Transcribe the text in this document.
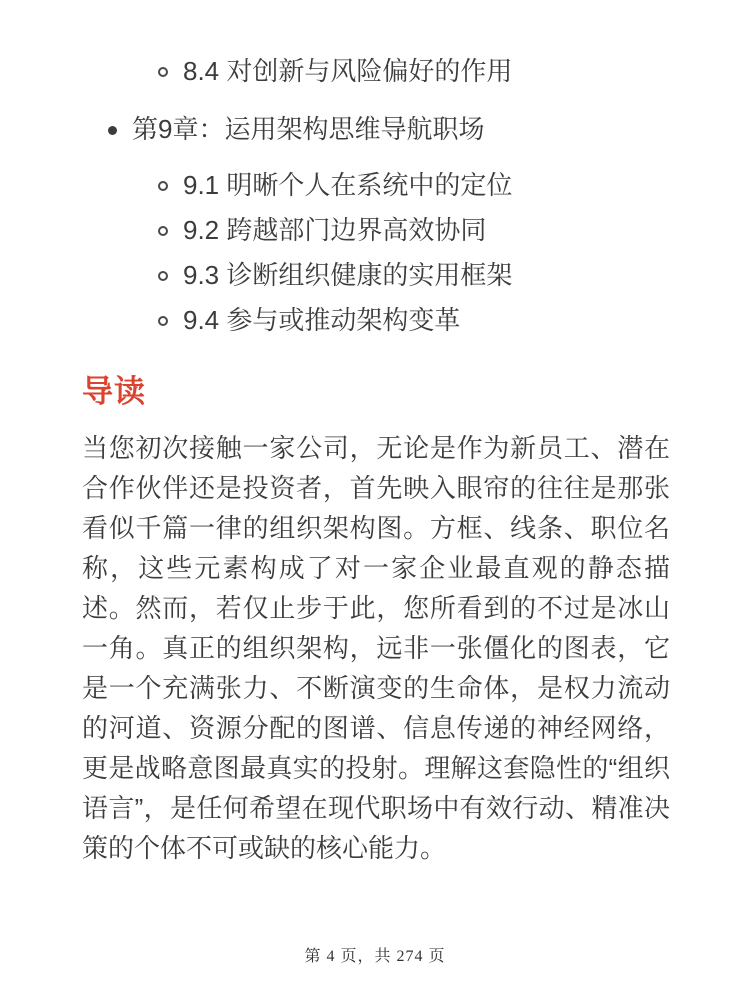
8.4 对创新与风险偏好的作用
第9章：运用架构思维导航职场
9.1 明晰个人在系统中的定位
9.2 跨越部门边界高效协同
9.3 诊断组织健康的实用框架
9.4 参与或推动架构变革
导读

当您初次接触一家公司，无论是作为新员工、潜在合作伙伴还是投资者，首先映入眼帘的往往是那张看似千篇一律的组织架构图。方框、线条、职位名称，这些元素构成了对一家企业最直观的静态描述。然而，若仅止步于此，您所看到的不过是冰山一角。真正的组织架构，远非一张僵化的图表，它是一个充满张力、不断演变的生命体，是权力流动的河道、资源分配的图谱、信息传递的神经网络，更是战略意图最真实的投射。理解这套隐性的“组织语言”，是任何希望在现代职场中有效行动、精准决策的个体不可或缺的核心能力。

第 4 页，共 274 页
